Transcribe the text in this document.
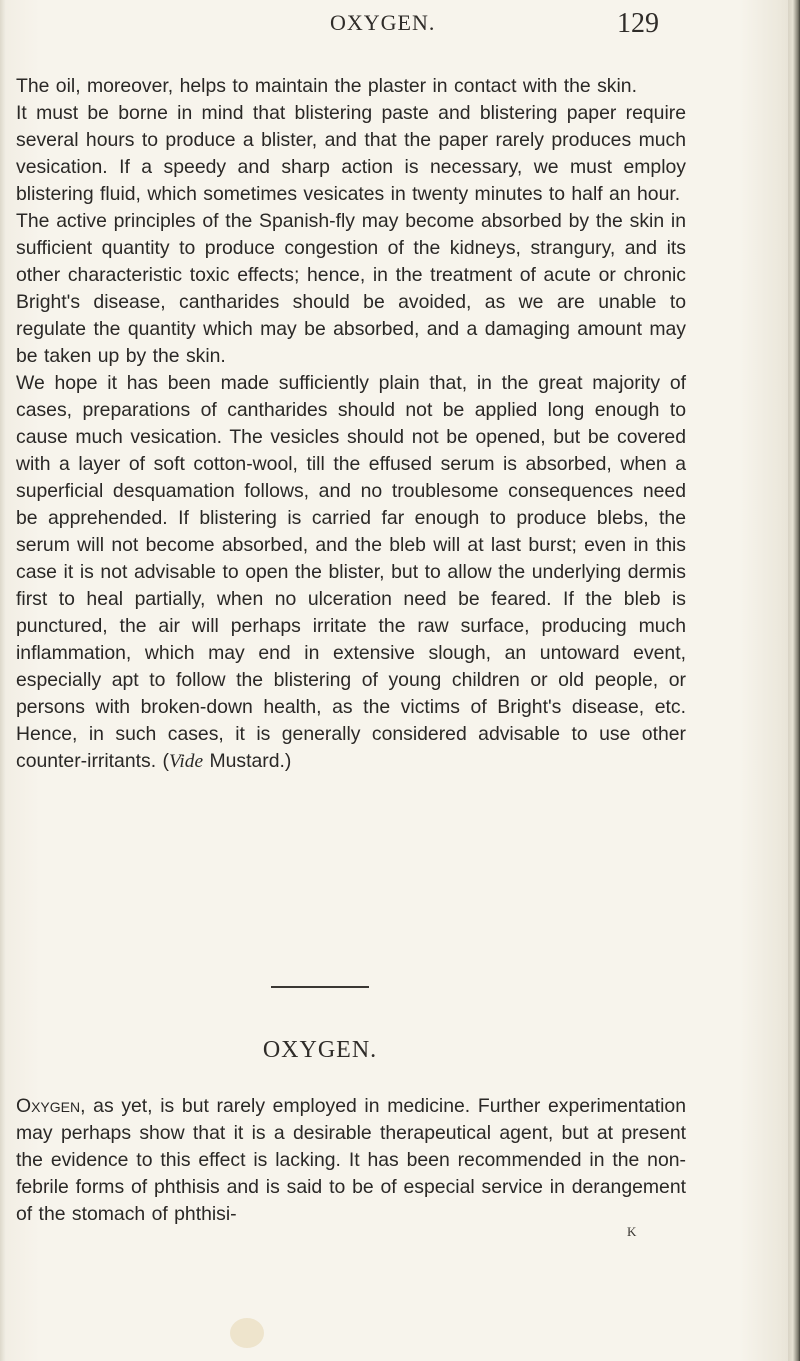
OXYGEN.	129

The oil, moreover, helps to maintain the plaster in contact with the skin.

It must be borne in mind that blistering paste and blistering paper require several hours to produce a blister, and that the paper rarely produces much vesication. If a speedy and sharp action is necessary, we must employ blistering fluid, which sometimes vesicates in twenty minutes to half an hour.

The active principles of the Spanish-fly may become absorbed by the skin in sufficient quantity to produce congestion of the kidneys, strangury, and its other characteristic toxic effects; hence, in the treatment of acute or chronic Bright's disease, cantharides should be avoided, as we are unable to regulate the quantity which may be absorbed, and a damaging amount may be taken up by the skin.

We hope it has been made sufficiently plain that, in the great majority of cases, preparations of cantharides should not be applied long enough to cause much vesication. The vesicles should not be opened, but be covered with a layer of soft cotton-wool, till the effused serum is absorbed, when a superficial desquamation follows, and no troublesome consequences need be apprehended. If blistering is carried far enough to produce blebs, the serum will not become absorbed, and the bleb will at last burst; even in this case it is not advisable to open the blister, but to allow the underlying dermis first to heal partially, when no ulceration need be feared. If the bleb is punctured, the air will perhaps irritate the raw surface, producing much inflammation, which may end in extensive slough, an untoward event, especially apt to follow the blistering of young children or old people, or persons with broken-down health, as the victims of Bright's disease, etc. Hence, in such cases, it is generally considered advisable to use other counter-irritants. (Vide Mustard.)

OXYGEN.

Oxygen, as yet, is but rarely employed in medicine. Further experimentation may perhaps show that it is a desirable therapeutical agent, but at present the evidence to this effect is lacking. It has been recommended in the non-febrile forms of phthisis and is said to be of especial service in derangement of the stomach of phthisi-

K
